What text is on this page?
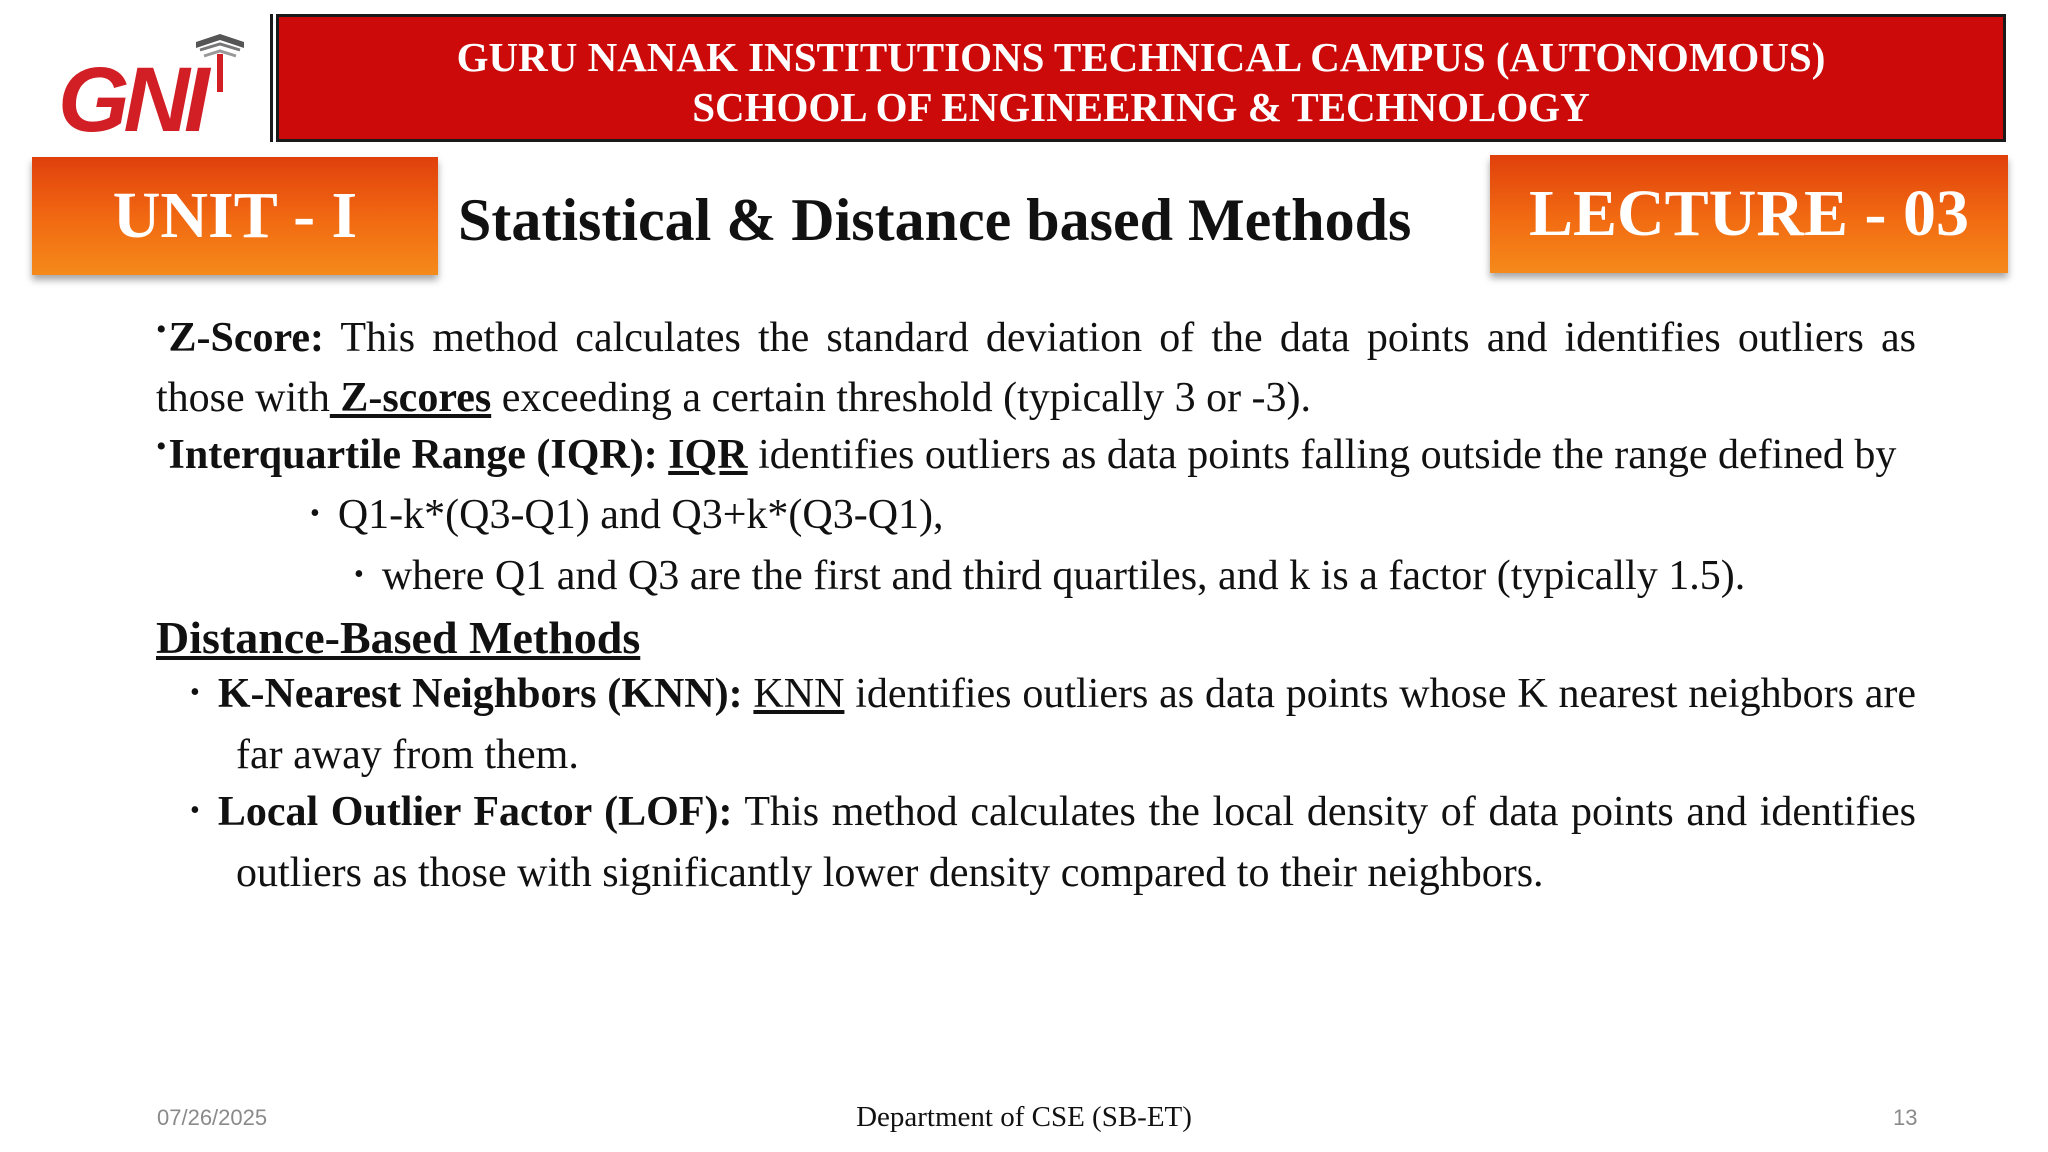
GNI	GURU NANAK INSTITUTIONS TECHNICAL CAMPUS (AUTONOMOUS)
SCHOOL OF ENGINEERING & TECHNOLOGY
UNIT - I	Statistical & Distance based Methods	LECTURE - 03

•Z-Score: This method calculates the standard deviation of the data points and identifies outliers as those with Z-scores exceeding a certain threshold (typically 3 or -3).

•Interquartile Range (IQR): IQR identifies outliers as data points falling outside the range defined by

• Q1-k*(Q3-Q1) and Q3+k*(Q3-Q1),

• where Q1 and Q3 are the first and third quartiles, and k is a factor (typically 1.5).

Distance-Based Methods

• K-Nearest Neighbors (KNN): KNN identifies outliers as data points whose K nearest neighbors are far away from them.

• Local Outlier Factor (LOF): This method calculates the local density of data points and identifies outliers as those with significantly lower density compared to their neighbors.

07/26/2025	Department of CSE (SB-ET)	13
